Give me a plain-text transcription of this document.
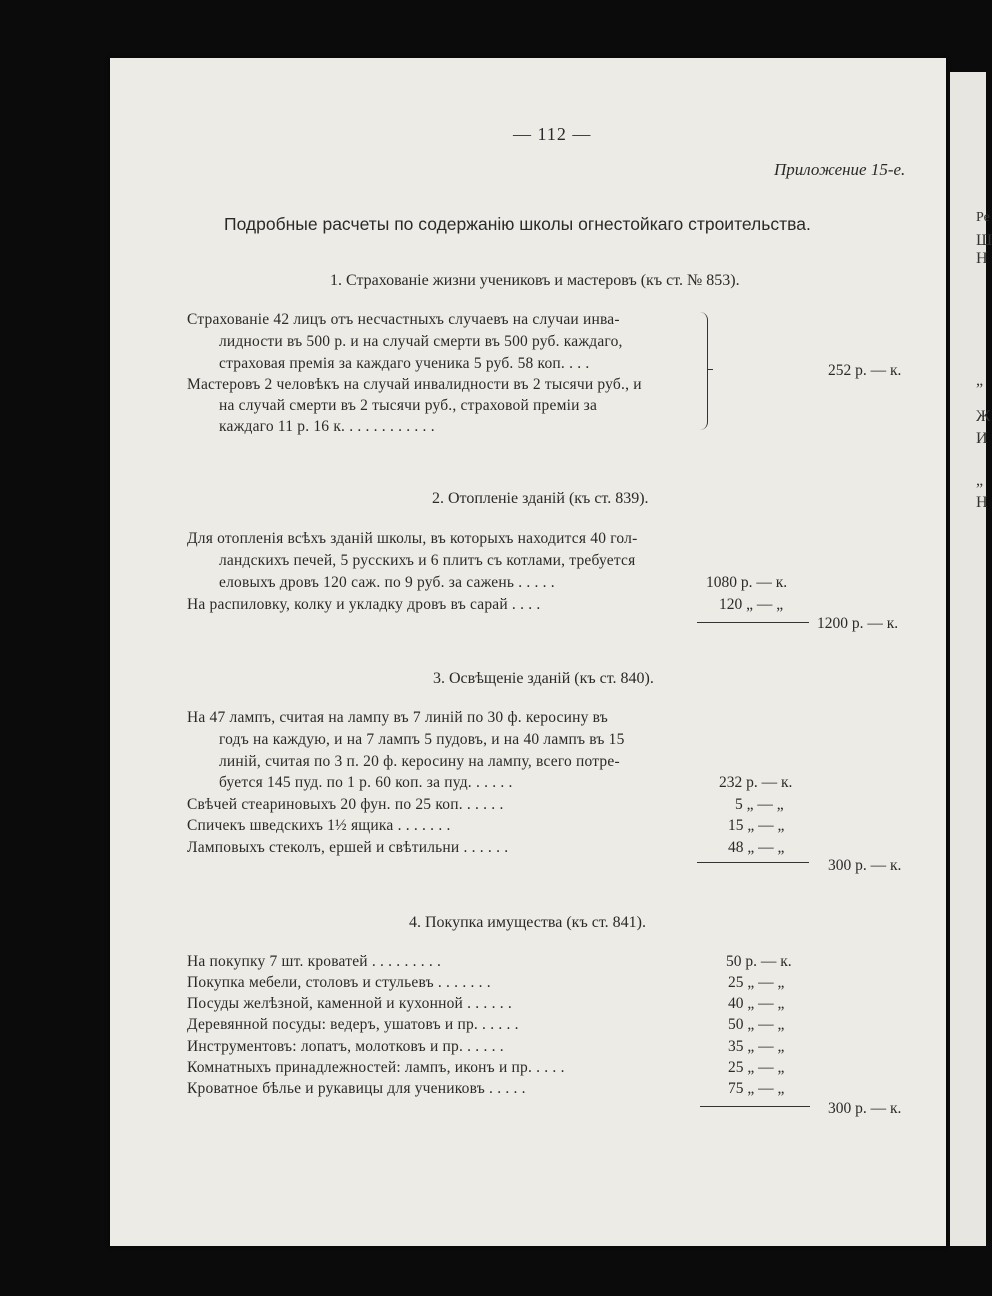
Ре
Ш
Н
„
Ж
И
„
Н
— 112 —
Приложение 15-е.
Подробные расчеты по содержанію школы огнестойкаго строительства.
1. Страхованіе жизни учениковъ и мастеровъ (къ ст. № 853).
Страхованіе 42 лицъ отъ несчастныхъ случаевъ на случаи инва-
лидности въ 500 р. и на случай смерти въ 500 руб. каждаго,
страховая премія за каждаго ученика 5 руб. 58 коп. . . .
Мастеровъ 2 человѣкъ на случай инвалидности въ 2 тысячи руб., и
на случай смерти въ 2 тысячи руб., страховой преміи за
каждаго 11 р. 16 к. . . . . . . . . . . .
252 р. — к.
2. Отопленіе зданій (къ ст. 839).
Для отопленія всѣхъ зданій школы, въ которыхъ находится 40 гол-
ландскихъ печей, 5 русскихъ и 6 плитъ съ котлами, требуется
еловыхъ дровъ 120 саж. по 9 руб. за сажень . . . . .
На распиловку, колку и укладку дровъ въ сарай . . . .
1080 р. — к.
120 „ — „
1200 р. — к.
3. Освѣщеніе зданій (къ ст. 840).
На 47 лампъ, считая на лампу въ 7 линій по 30 ф. керосину въ
годъ на каждую, и на 7 лампъ 5 пудовъ, и на 40 лампъ въ 15
линій, считая по 3 п. 20 ф. керосину на лампу, всего потре-
буется 145 пуд. по 1 р. 60 коп. за пуд. . . . . .
Свѣчей стеариновыхъ 20 фун. по 25 коп. . . . . .
Спичекъ шведскихъ 1½ ящика . . . . . . .
Ламповыхъ стеколъ, ершей и свѣтильни . . . . . .
232 р. — к.
5 „ — „
15 „ — „
48 „ — „
300 р. — к.
4. Покупка имущества (къ ст. 841).
На покупку 7 шт. кроватей . . . . . . . . .
Покупка мебели, столовъ и стульевъ . . . . . . .
Посуды желѣзной, каменной и кухонной . . . . . .
Деревянной посуды: ведеръ, ушатовъ и пр. . . . . .
Инструментовъ: лопатъ, молотковъ и пр. . . . . .
Комнатныхъ принадлежностей: лампъ, иконъ и пр. . . . .
Кроватное бѣлье и рукавицы для учениковъ . . . . .
50 р. — к.
25 „ — „
40 „ — „
50 „ — „
35 „ — „
25 „ — „
75 „ — „
300 р. — к.
